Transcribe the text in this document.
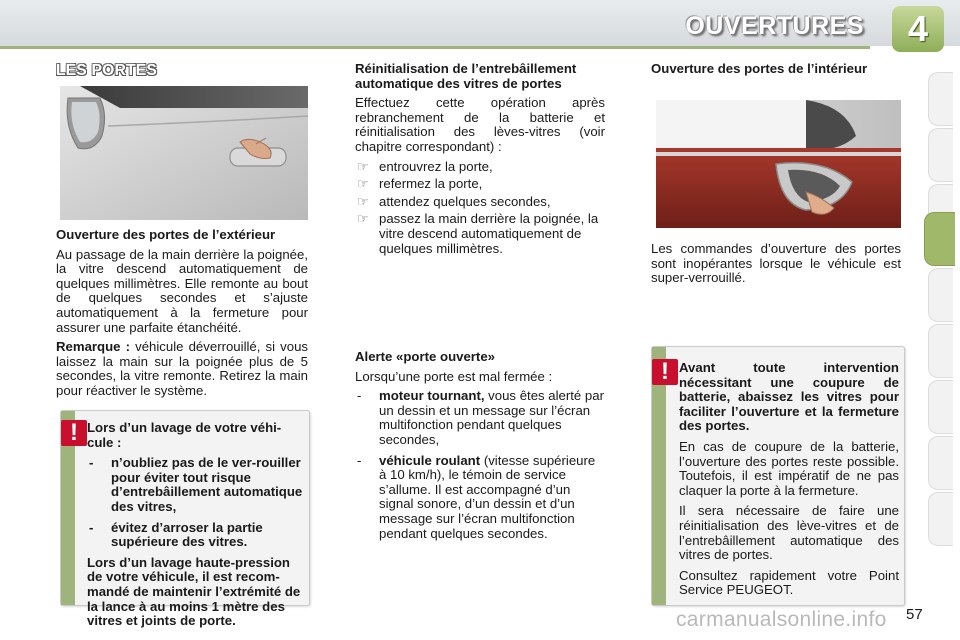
OUVERTURES	4
LES PORTES

Ouverture des portes de l’extérieur

Au passage de la main derrière la poignée, la vitre descend automatiquement de quelques millimètres. Elle remonte au bout de quelques secondes et s’ajuste automatiquement à la fermeture pour assurer une parfaite étanchéité.

Remarque : véhicule déverrouillé, si vous laissez la main sur la poignée plus de 5 secondes, la vitre remonte. Retirez la main pour réactiver le système.

! Lors d’un lavage de votre véhi-cule :

- n’oubliez pas de le ver-rouiller pour éviter tout risque d’entrebâillement automatique des vitres,
- évitez d’arroser la partie supérieure des vitres.

Lors d’un lavage haute-pression de votre véhicule, il est recom-mandé de maintenir l’extrémité de la lance à au moins 1 mètre des vitres et joints de porte.

Réinitialisation de l’entrebâillement automatique des vitres de portes

Effectuez cette opération après rebranchement de la batterie et réinitialisation des lèves-vitres (voir chapitre correspondant) :

☞ entrouvrez la porte,
☞ refermez la porte,
☞ attendez quelques secondes,
☞ passez la main derrière la poignée, la vitre descend automatiquement de quelques millimètres.

Alerte «porte ouverte»

Lorsqu’une porte est mal fermée :

- moteur tournant, vous êtes alerté par un dessin et un message sur l’écran multifonction pendant quelques secondes,
- véhicule roulant (vitesse supérieure à 10 km/h), le témoin de service s’allume. Il est accompagné d’un signal sonore, d’un dessin et d’un message sur l’écran multifonction pendant quelques secondes.

Ouverture des portes de l’intérieur

Les commandes d’ouverture des portes sont inopérantes lorsque le véhicule est super-verrouillé.

! Avant toute intervention nécessitant une coupure de batterie, abaissez les vitres pour faciliter l’ouverture et la fermeture des portes.

En cas de coupure de la batterie, l’ouverture des portes reste possible. Toutefois, il est impératif de ne pas claquer la porte à la fermeture.

Il sera nécessaire de faire une réinitialisation des lève-vitres et de l’entrebâillement automatique des vitres de portes.

Consultez rapidement votre Point Service PEUGEOT.

carmanualsonline.info 57
